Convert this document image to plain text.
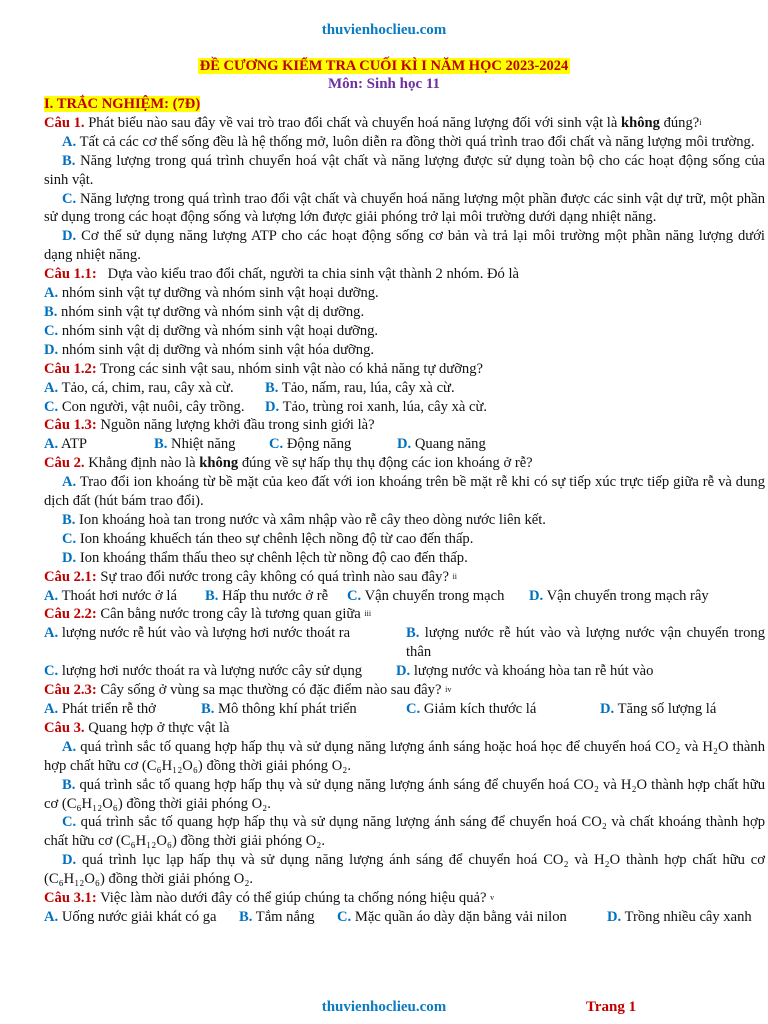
thuvienhoclieu.com
ĐỀ CƯƠNG KIỂM TRA CUỐI KÌ I NĂM HỌC 2023-2024
Môn: Sinh học 11

I. TRẮC NGHIỆM: (7Đ)

Câu 1. Phát biểu nào sau đây về vai trò trao đổi chất và chuyển hoá năng lượng đối với sinh vật là không đúng?$^i$

A. Tất cả các cơ thể sống đều là hệ thống mở, luôn diễn ra đồng thời quá trình trao đổi chất và năng lượng môi trường.

B. Năng lượng trong quá trình chuyển hoá vật chất và năng lượng được sử dụng toàn bộ cho các hoạt động sống của sinh vật.

C. Năng lượng trong quá trình trao đổi vật chất và chuyển hoá năng lượng một phần được các sinh vật dự trữ, một phần sử dụng trong các hoạt động sống và lượng lớn được giải phóng trở lại môi trường dưới dạng nhiệt năng.

D. Cơ thể sử dụng năng lượng ATP cho các hoạt động sống cơ bản và trả lại môi trường một phần năng lượng dưới dạng nhiệt năng.

Câu 1.1:   Dựa vào kiểu trao đổi chất, người ta chia sinh vật thành 2 nhóm. Đó là

A. nhóm sinh vật tự dưỡng và nhóm sinh vật hoại dưỡng.

B. nhóm sinh vật tự dưỡng và nhóm sinh vật dị dưỡng.

C. nhóm sinh vật dị dưỡng và nhóm sinh vật hoại dưỡng.

D. nhóm sinh vật dị dưỡng và nhóm sinh vật hóa dưỡng.

Câu 1.2: Trong các sinh vật sau, nhóm sinh vật nào có khả năng tự dưỡng?

A. Tảo, cá, chim, rau, cây xà cừ.	B. Tảo, nấm, rau, lúa, cây xà cừ.
C. Con người, vật nuôi, cây trồng.	D. Tảo, trùng roi xanh, lúa, cây xà cừ.

Câu 1.3: Nguồn năng lượng khởi đầu trong sinh giới là?

A. ATP	B. Nhiệt năng	C. Động năng	D. Quang năng

Câu 2. Khẳng định nào là không đúng về sự hấp thụ thụ động các ion khoáng ở rễ?

A. Trao đổi ion khoáng từ bề mặt của keo đất với ion khoáng trên bề mặt rễ khi có sự tiếp xúc trực tiếp giữa rễ và dung dịch đất (hút bám trao đổi).

B. Ion khoáng hoà tan trong nước và xâm nhập vào rễ cây theo dòng nước liên kết.

C. Ion khoáng khuếch tán theo sự chênh lệch nồng độ từ cao đến thấp.

D. Ion khoáng thẩm thấu theo sự chênh lệch từ nồng độ cao đến thấp.

Câu 2.1: Sự trao đổi nước trong cây không có quá trình nào sau đây? $^{ii}$

A. Thoát hơi nước ở lá	B. Hấp thu nước ở rễ	C. Vận chuyển trong mạch	D. Vận chuyển trong mạch rây

Câu 2.2: Cân bằng nước trong cây là tương quan giữa $^{iii}$

A. lượng nước rễ hút vào và lượng hơi nước thoát ra	B. lượng nước rễ hút vào và lượng nước vận chuyển trong thân

C. lượng hơi nước thoát ra và lượng nước cây sử dụng	D. lượng nước và khoáng hòa tan rễ hút vào

Câu 2.3: Cây sống ở vùng sa mạc thường có đặc điểm nào sau đây? $^{iv}$

A. Phát triển rễ thở	B. Mô thông khí phát triển	C. Giảm kích thước lá	D. Tăng số lượng lá

Câu 3. Quang hợp ở thực vật là

A. quá trình sắc tố quang hợp hấp thụ và sử dụng năng lượng ánh sáng hoặc hoá học để chuyển hoá CO₂ và H₂O thành hợp chất hữu cơ (C₆H₁₂O₆) đồng thời giải phóng O₂.

B. quá trình sắc tố quang hợp hấp thụ và sử dụng năng lượng ánh sáng để chuyển hoá CO₂ và H₂O thành hợp chất hữu cơ (C₆H₁₂O₆) đồng thời giải phóng O₂.

C. quá trình sắc tố quang hợp hấp thụ và sử dụng năng lượng ánh sáng để chuyển hoá CO₂ và chất khoáng thành hợp chất hữu cơ (C₆H₁₂O₆) đồng thời giải phóng O₂.

D. quá trình lục lạp hấp thụ và sử dụng năng lượng ánh sáng để chuyển hoá CO₂ và H₂O thành hợp chất hữu cơ (C₆H₁₂O₆) đồng thời giải phóng O₂.

Câu 3.1: Việc làm nào dưới đây có thể giúp chúng ta chống nóng hiệu quả? $^v$

A. Uống nước giải khát có ga	B. Tắm nắng	C. Mặc quần áo dày dặn bằng vải nilon	D. Trồng nhiều cây xanh
thuvienhoclieu.com	Trang 1
